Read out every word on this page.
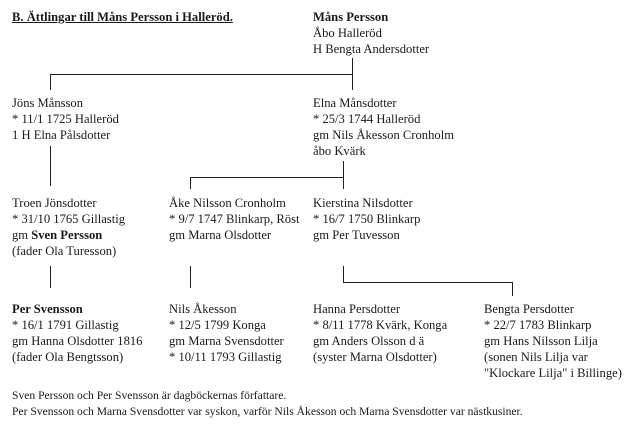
B. Ättlingar till Måns Persson i Halleröd.	Måns Persson
Åbo Halleröd
H Bengta Andersdotter
Jöns Månsson
* 11/1 1725 Halleröd
1 H Elna Pålsdotter
Elna Månsdotter
* 25/3 1744 Halleröd
gm Nils Åkesson Cronholm
åbo Kvärk
Troen Jönsdotter
* 31/10 1765 Gillastig
gm Sven Persson
(fader Ola Turesson)
Åke Nilsson Cronholm
* 9/7 1747 Blinkarp, Röst
gm Marna Olsdotter
Kierstina Nilsdotter
* 16/7 1750 Blinkarp
gm Per Tuvesson
Per Svensson
* 16/1 1791 Gillastig
gm Hanna Olsdotter 1816
(fader Ola Bengtsson)
Nils Åkesson
* 12/5 1799 Konga
gm Marna Svensdotter
* 10/11 1793 Gillastig
Hanna Persdotter
* 8/11 1778 Kvärk, Konga
gm Anders Olsson d ä
(syster Marna Olsdotter)
Bengta Persdotter
* 22/7 1783 Blinkarp
gm Hans Nilsson Lilja
(sonen Nils Lilja var
"Klockare Lilja" i Billinge)
Sven Persson och Per Svensson är dagböckernas författare.
Per Svensson och Marna Svensdotter var syskon, varför Nils Åkesson och Marna Svensdotter var nästkusiner.
